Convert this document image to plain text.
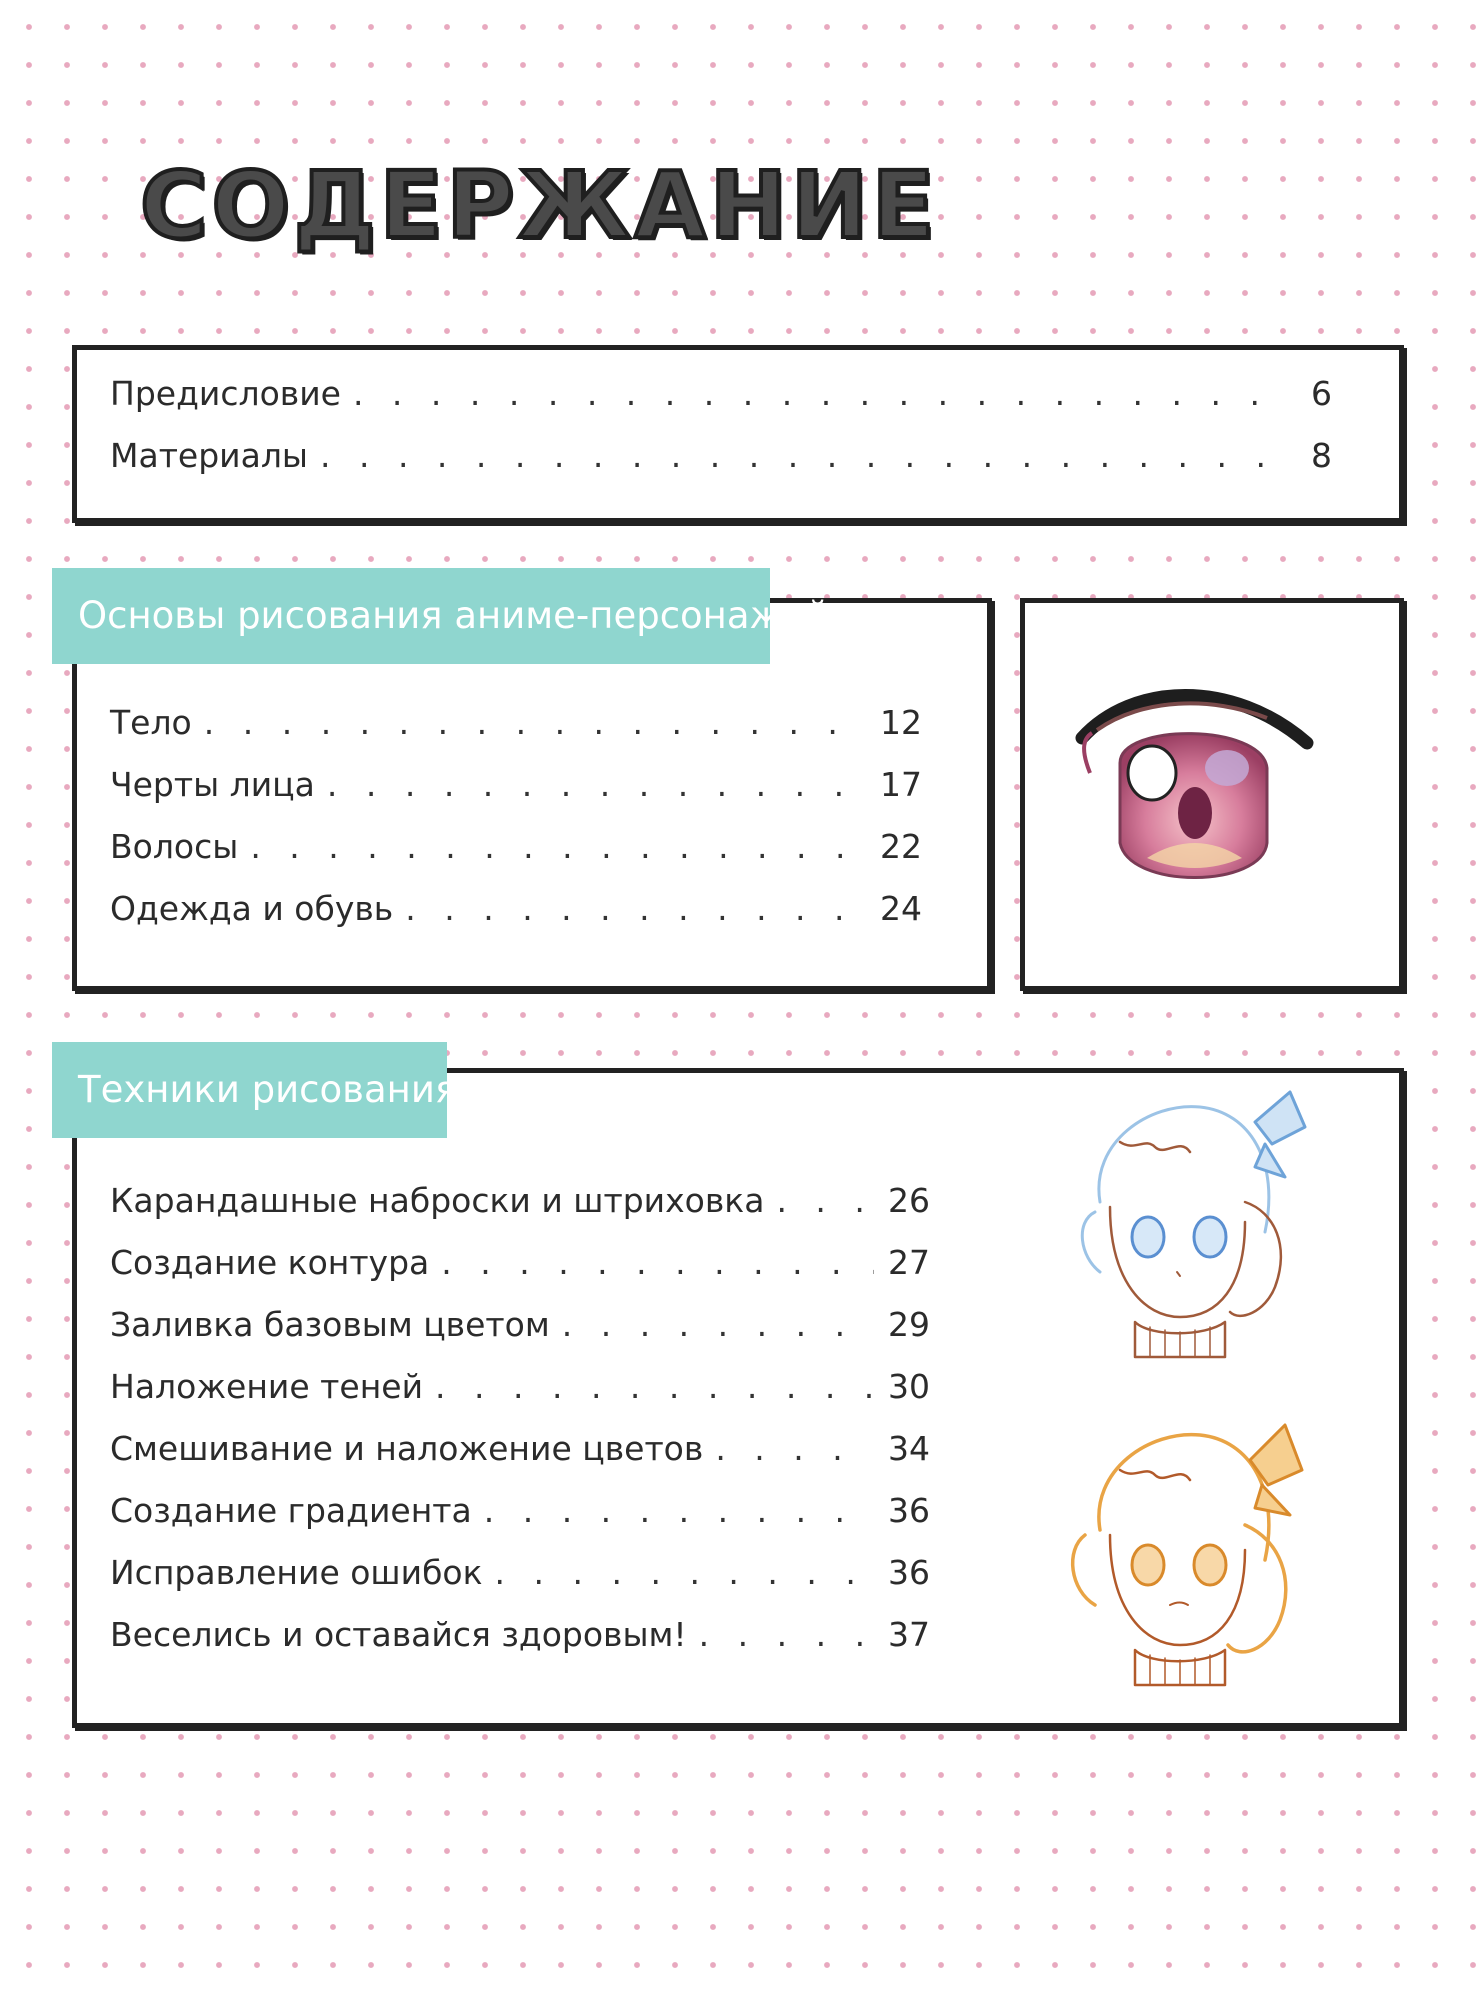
СОДЕРЖАНИЕ
Предисловие . . .	6
Материалы . . .	8
Основы рисования аниме-персонажей
Тело . . .	12
Черты лица . . .	17
Волосы . . .	22
Одежда и обувь . . .	24
Техники рисования
Карандашные наброски и штриховка . . .	26
Создание контура . . .	27
Заливка базовым цветом . . .	29
Наложение теней . . .	30
Смешивание и наложение цветов . . .	34
Создание градиента . . .	36
Исправление ошибок . . .	36
Веселись и оставайся здоровым! . . .	37
